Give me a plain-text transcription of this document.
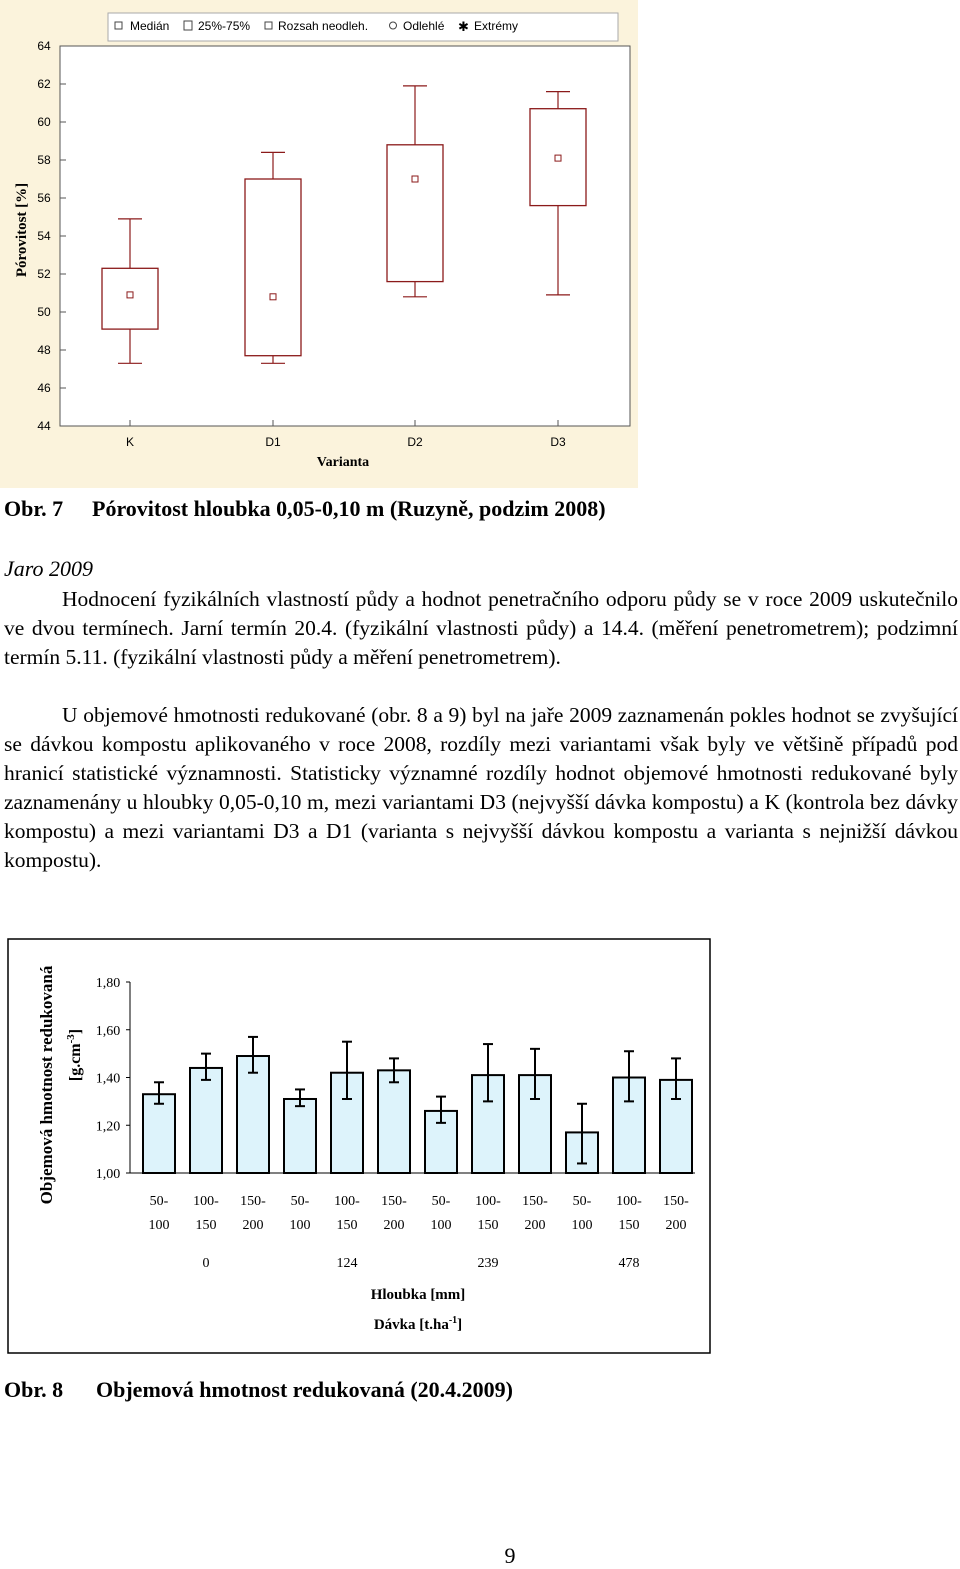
Medián 25%-75% Rozsah neodleh.	Odlehlé ✱ Extrémy
44
46
48
50
52
54
56
58
60
62
64
K	D1	D2	D3
Pórovitost [%]
Varianta
Obr. 7 Pórovitost hloubka 0,05-0,10 m (Ruzyně, podzim 2008)
Jaro 2009
Hodnocení fyzikálních vlastností půdy a hodnot penetračního odporu půdy se v roce 2009 uskutečnilo ve dvou termínech. Jarní termín 20.4. (fyzikální vlastnosti půdy) a 14.4. (měření penetrometrem); podzimní termín 5.11. (fyzikální vlastnosti půdy a měření penetrometrem).
U objemové hmotnosti redukované (obr. 8 a 9) byl na jaře 2009 zaznamenán pokles hodnot se zvyšující se dávkou kompostu aplikovaného v roce 2008, rozdíly mezi variantami však byly ve většině případů pod hranicí statistické významnosti. Statisticky významné rozdíly hodnot objemové hmotnosti redukované byly zaznamenány u hloubky 0,05-0,10 m, mezi variantami D3 (nejvyšší dávka kompostu) a K (kontrola bez dávky kompostu) a mezi variantami D3 a D1 (varianta s nejvyšší dávkou kompostu a varianta s nejnižší dávkou kompostu).
1,00
1,20
1,40
1,60
1,80
50-
100
100-
150
150-
200
50-
100
100-
150
150-
200
50-
100
100-
150
150-
200
50-
100
100-
150
150-
200
0	124	239	478
Objemová hmotnost redukovaná $[g.cm^{-3}]$
Hloubka [mm]
Dávka $[t.ha^{-1}]$
Obr. 8 Objemová hmotnost redukovaná (20.4.2009)
9
